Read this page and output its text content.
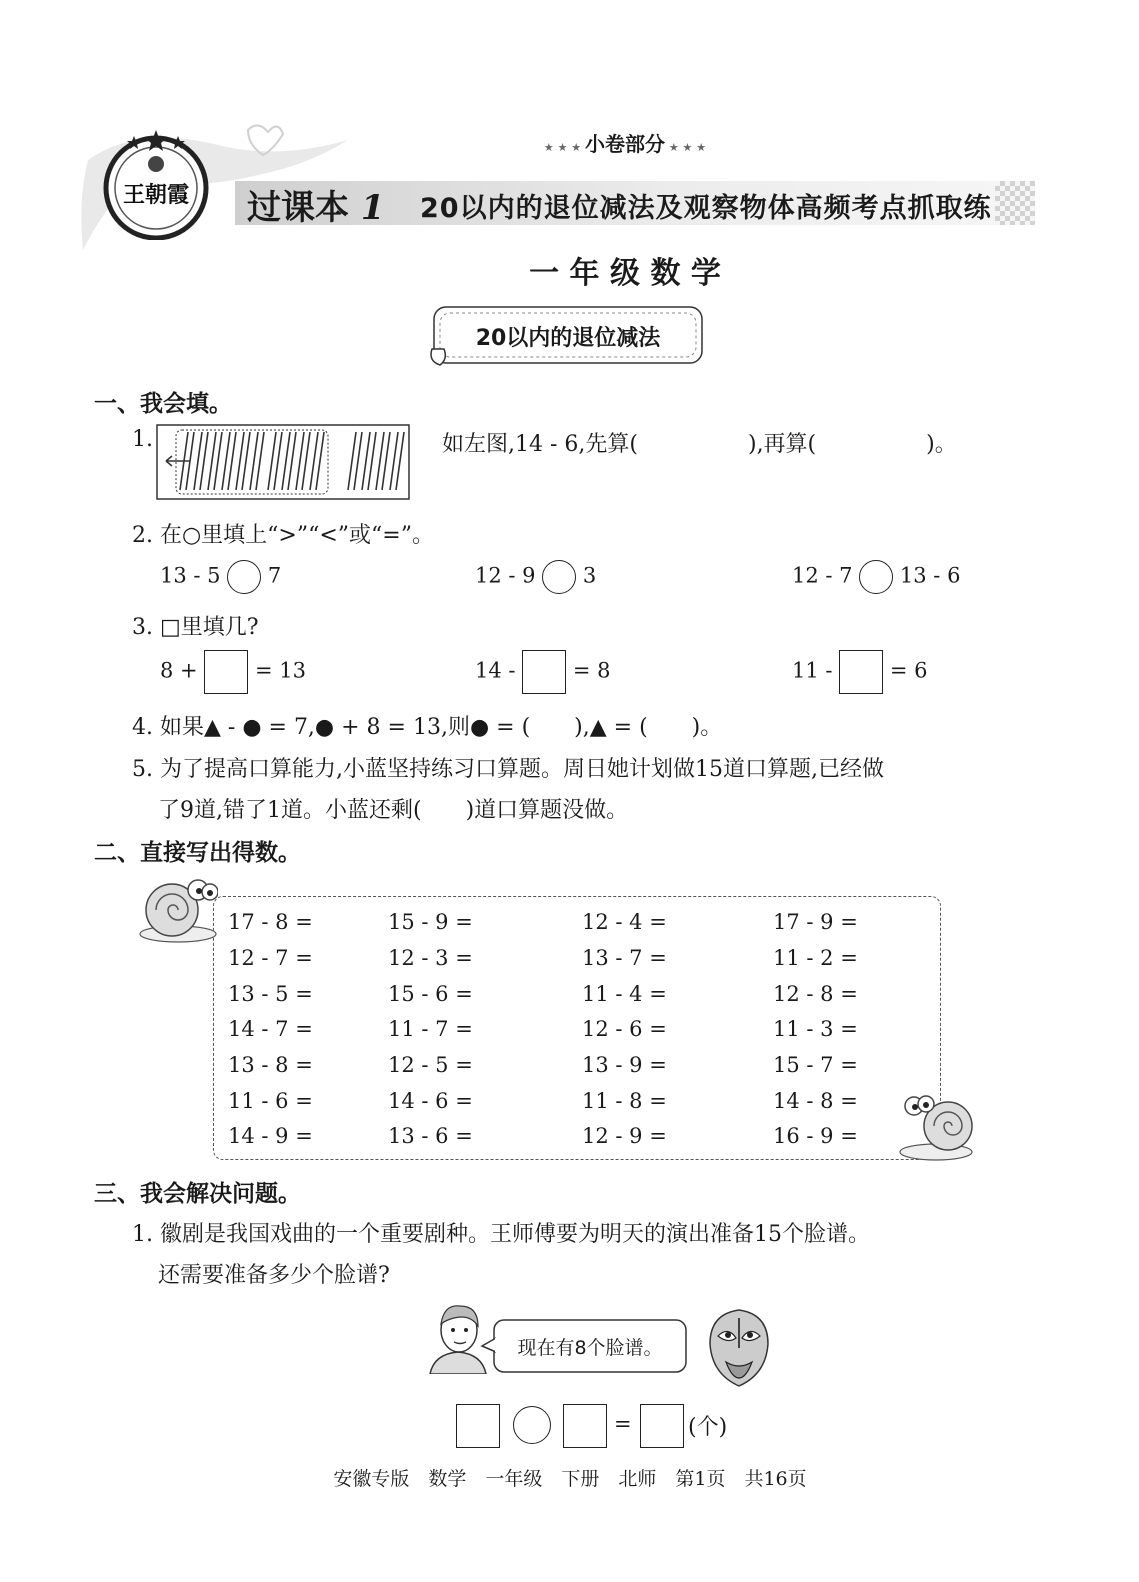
王朝霞
★ ★ ★ 小卷部分 ★ ★ ★
过课本 1 20以内的退位减法及观察物体高频考点抓取练
一 年 级 数 学
20以内的退位减法
一、我会填。
1.	如左图,14 - 6,先算(	),再算(	)。
2. 在○里填上“>”“<”或“=”。
13 - 5 7	12 - 9 3	12 - 7 13 - 6
3. □里填几?
8 +	= 13	14 -	= 8	11 -	= 6
4. 如果▲ - ● = 7,● + 8 = 13,则● = (　　),▲ = (　　)。
5. 为了提高口算能力,小蓝坚持练习口算题。周日她计划做15道口算题,已经做
了9道,错了1道。小蓝还剩(　　)道口算题没做。
二、直接写出得数。
17 - 8 =	15 - 9 =	12 - 4 =	17 - 9 =
12 - 7 =	12 - 3 =	13 - 7 =	11 - 2 =
13 - 5 =	15 - 6 =	11 - 4 =	12 - 8 =
14 - 7 =	11 - 7 =	12 - 6 =	11 - 3 =
13 - 8 =	12 - 5 =	13 - 9 =	15 - 7 =
11 - 6 =	14 - 6 =	11 - 8 =	14 - 8 =
14 - 9 =	13 - 6 =	12 - 9 =	16 - 9 =
三、我会解决问题。
1. 徽剧是我国戏曲的一个重要剧种。王师傅要为明天的演出准备15个脸谱。
还需要准备多少个脸谱?
现在有8个脸谱。
=	(个)
安徽专版　数学　一年级　下册　北师　第1页　共16页
